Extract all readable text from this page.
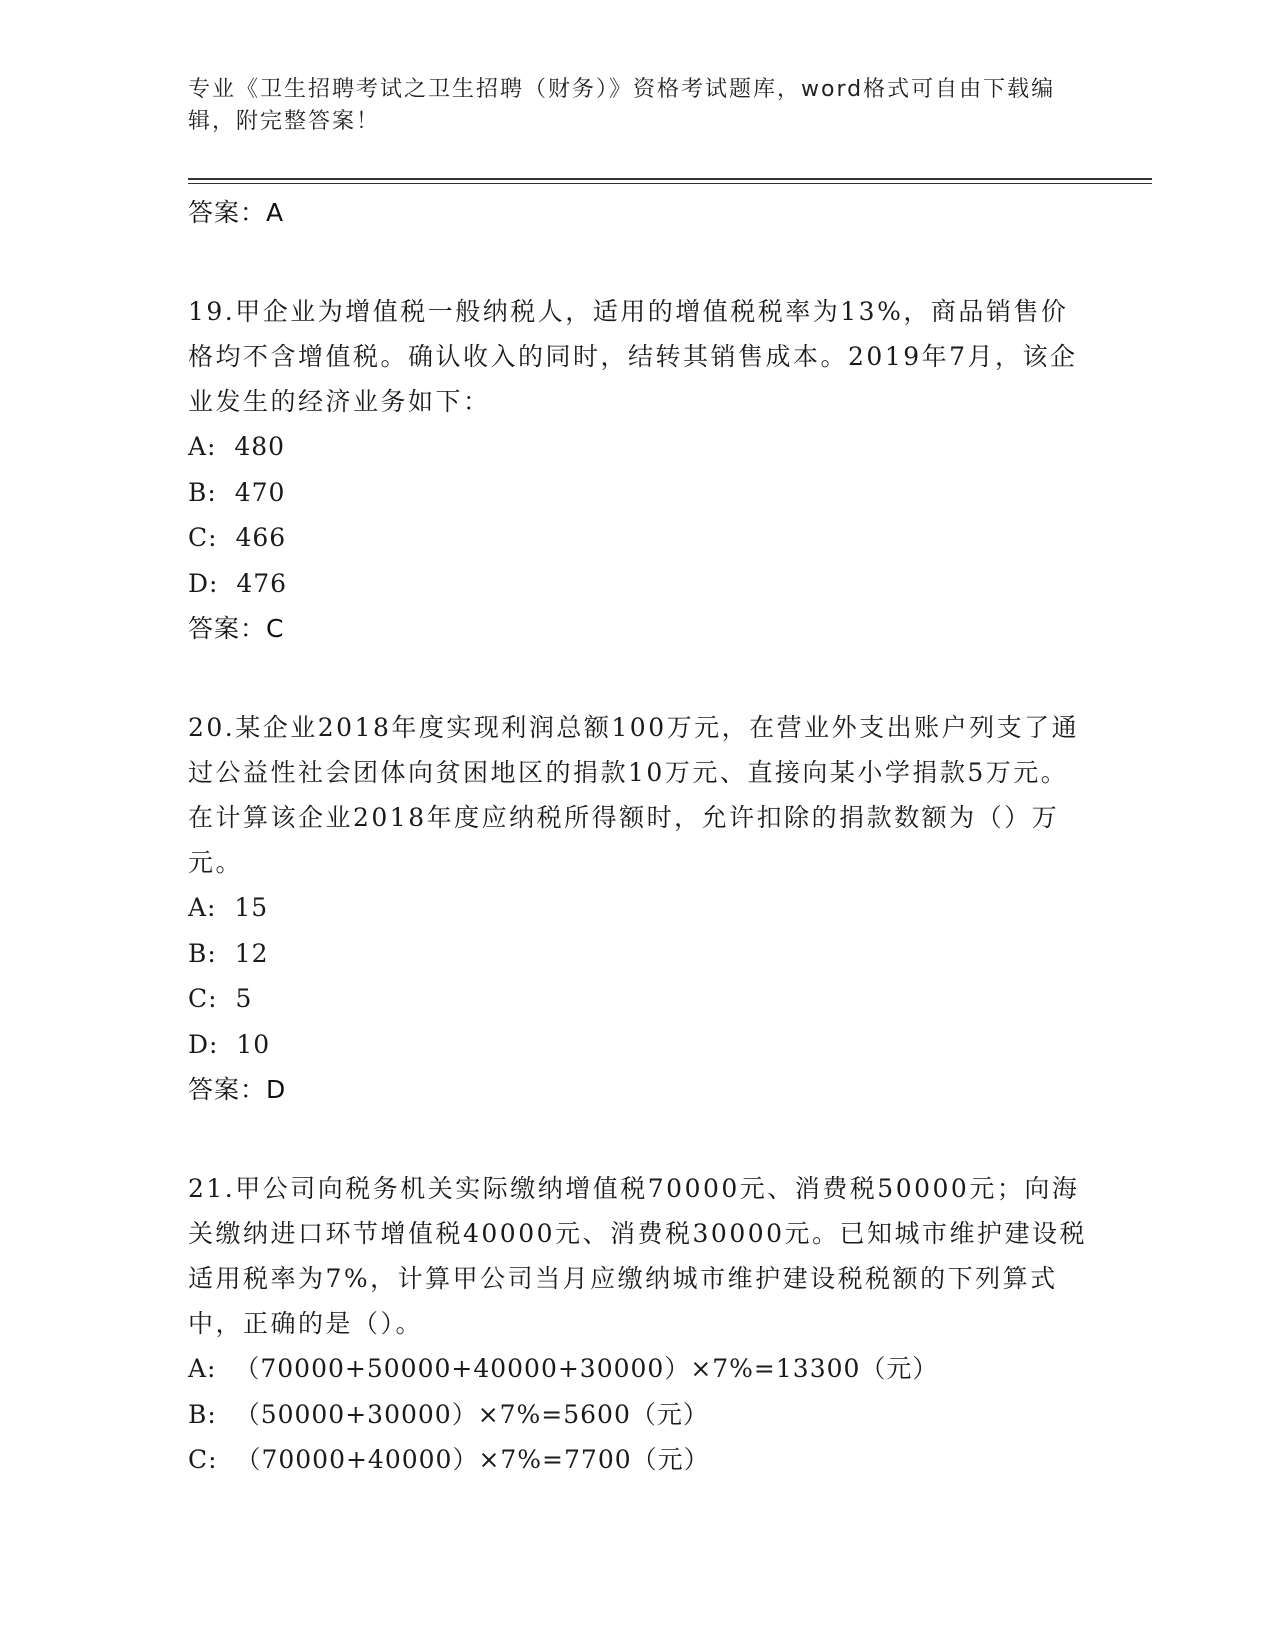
专业《卫生招聘考试之卫生招聘（财务）》资格考试题库，word格式可自由下载编辑，附完整答案！
答案：A
19.甲企业为增值税一般纳税人，适用的增值税税率为13%，商品销售价格均不含增值税。确认收入的同时，结转其销售成本。2019年7月，该企业发生的经济业务如下：
A:  480
B:  470
C:  466
D:  476
答案：C
20.某企业2018年度实现利润总额100万元，在营业外支出账户列支了通过公益性社会团体向贫困地区的捐款10万元、直接向某小学捐款5万元。在计算该企业2018年度应纳税所得额时，允许扣除的捐款数额为（）万元。
A:  15
B:  12
C:  5
D:  10
答案：D
21.甲公司向税务机关实际缴纳增值税70000元、消费税50000元；向海关缴纳进口环节增值税40000元、消费税30000元。已知城市维护建设税适用税率为7%，计算甲公司当月应缴纳城市维护建设税税额的下列算式中，正确的是（）。
A:  （70000+50000+40000+30000）×7%=13300（元）
B:  （50000+30000）×7%=5600（元）
C:  （70000+40000）×7%=7700（元）
